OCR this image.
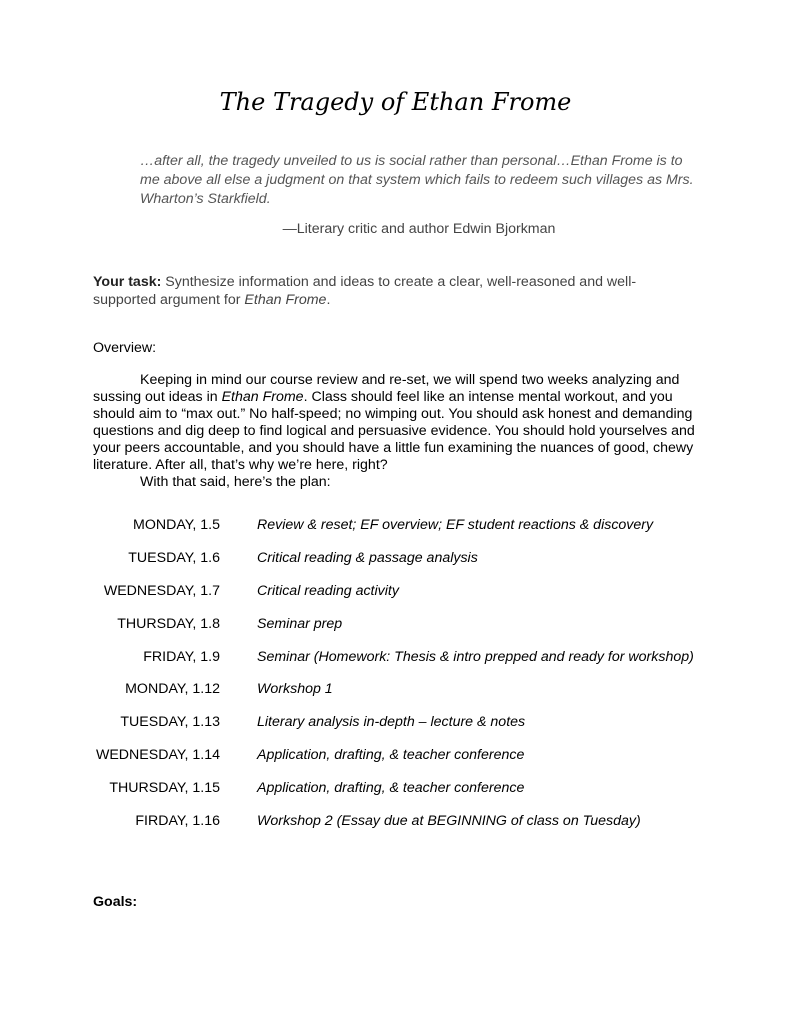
The Tragedy of Ethan Frome
…after all, the tragedy unveiled to us is social rather than personal…Ethan Frome is to me above all else a judgment on that system which fails to redeem such villages as Mrs. Wharton’s Starkfield.
—Literary critic and author Edwin Bjorkman
Your task: Synthesize information and ideas to create a clear, well-reasoned and well-supported argument for Ethan Frome.
Overview:
Keeping in mind our course review and re-set, we will spend two weeks analyzing and sussing out ideas in Ethan Frome. Class should feel like an intense mental workout, and you should aim to “max out.” No half-speed; no wimping out. You should ask honest and demanding questions and dig deep to find logical and persuasive evidence. You should hold yourselves and your peers accountable, and you should have a little fun examining the nuances of good, chewy literature. After all, that’s why we’re here, right?
With that said, here’s the plan:
MONDAY, 1.5	Review & reset; EF overview; EF student reactions & discovery
TUESDAY, 1.6	Critical reading & passage analysis
WEDNESDAY, 1.7	Critical reading activity
THURSDAY, 1.8	Seminar prep
FRIDAY, 1.9	Seminar (Homework: Thesis & intro prepped and ready for workshop)
MONDAY, 1.12	Workshop 1
TUESDAY, 1.13	Literary analysis in-depth – lecture & notes
WEDNESDAY, 1.14	Application, drafting, & teacher conference
THURSDAY, 1.15	Application, drafting, & teacher conference
FIRDAY, 1.16	Workshop 2 (Essay due at BEGINNING of class on Tuesday)
Goals:
